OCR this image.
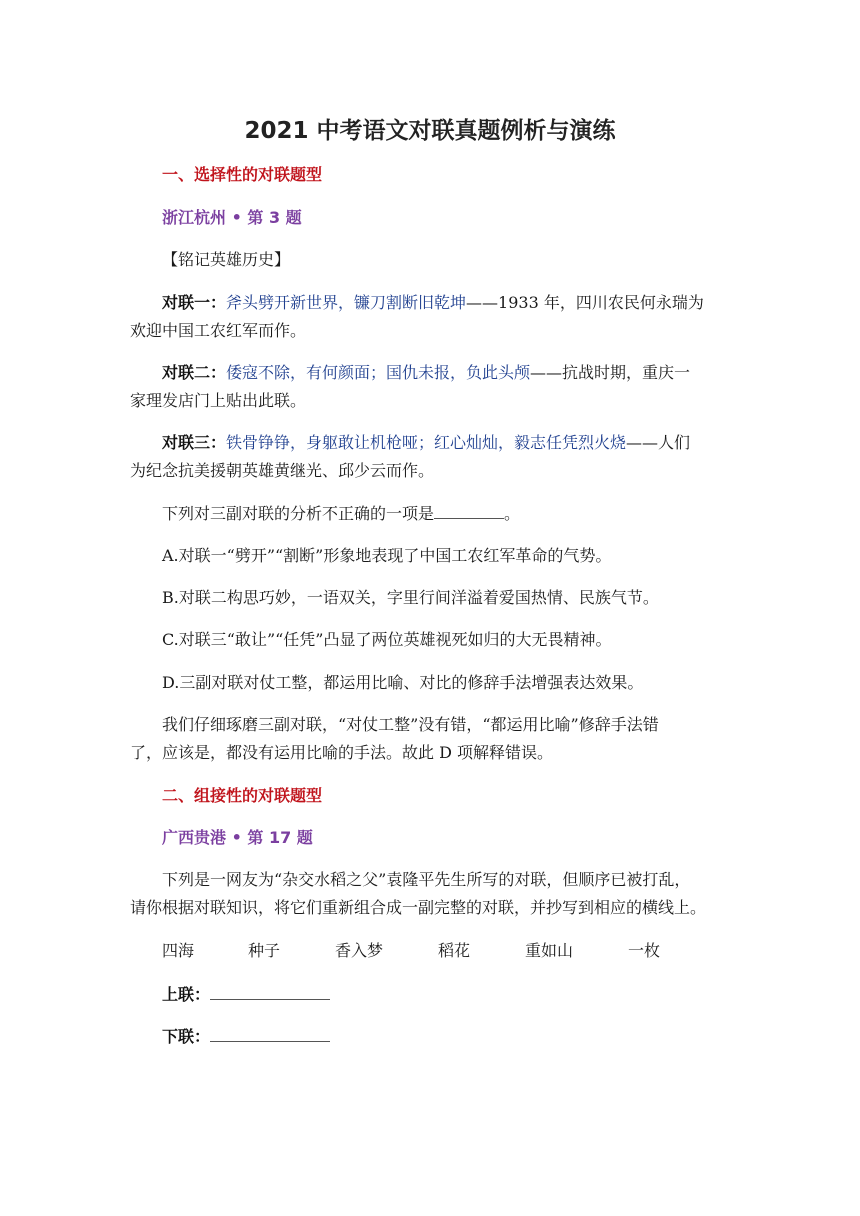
2021 中考语文对联真题例析与演练
一、选择性的对联题型
浙江杭州 • 第 3 题
【铭记英雄历史】
对联一：斧头劈开新世界，镰刀割断旧乾坤——1933 年，四川农民何永瑞为
欢迎中国工农红军而作。
对联二：倭寇不除，有何颜面；国仇未报，负此头颅——抗战时期，重庆一
家理发店门上贴出此联。
对联三：铁骨铮铮，身躯敢让机枪哑；红心灿灿，毅志任凭烈火烧——人们
为纪念抗美援朝英雄黄继光、邱少云而作。
下列对三副对联的分析不正确的一项是	。
A.对联一“劈开”“割断”形象地表现了中国工农红军革命的气势。
B.对联二构思巧妙，一语双关，字里行间洋溢着爱国热情、民族气节。
C.对联三“敢让”“任凭”凸显了两位英雄视死如归的大无畏精神。
D.三副对联对仗工整，都运用比喻、对比的修辞手法增强表达效果。
我们仔细琢磨三副对联，“对仗工整”没有错，“都运用比喻”修辞手法错
了，应该是，都没有运用比喻的手法。故此 D 项解释错误。
二、组接性的对联题型
广西贵港 • 第 17 题
下列是一网友为“杂交水稻之父”袁隆平先生所写的对联，但顺序已被打乱，
请你根据对联知识，将它们重新组合成一副完整的对联，并抄写到相应的横线上。
四海	种子	香入梦	稻花	重如山	一枚
上联：
下联：
